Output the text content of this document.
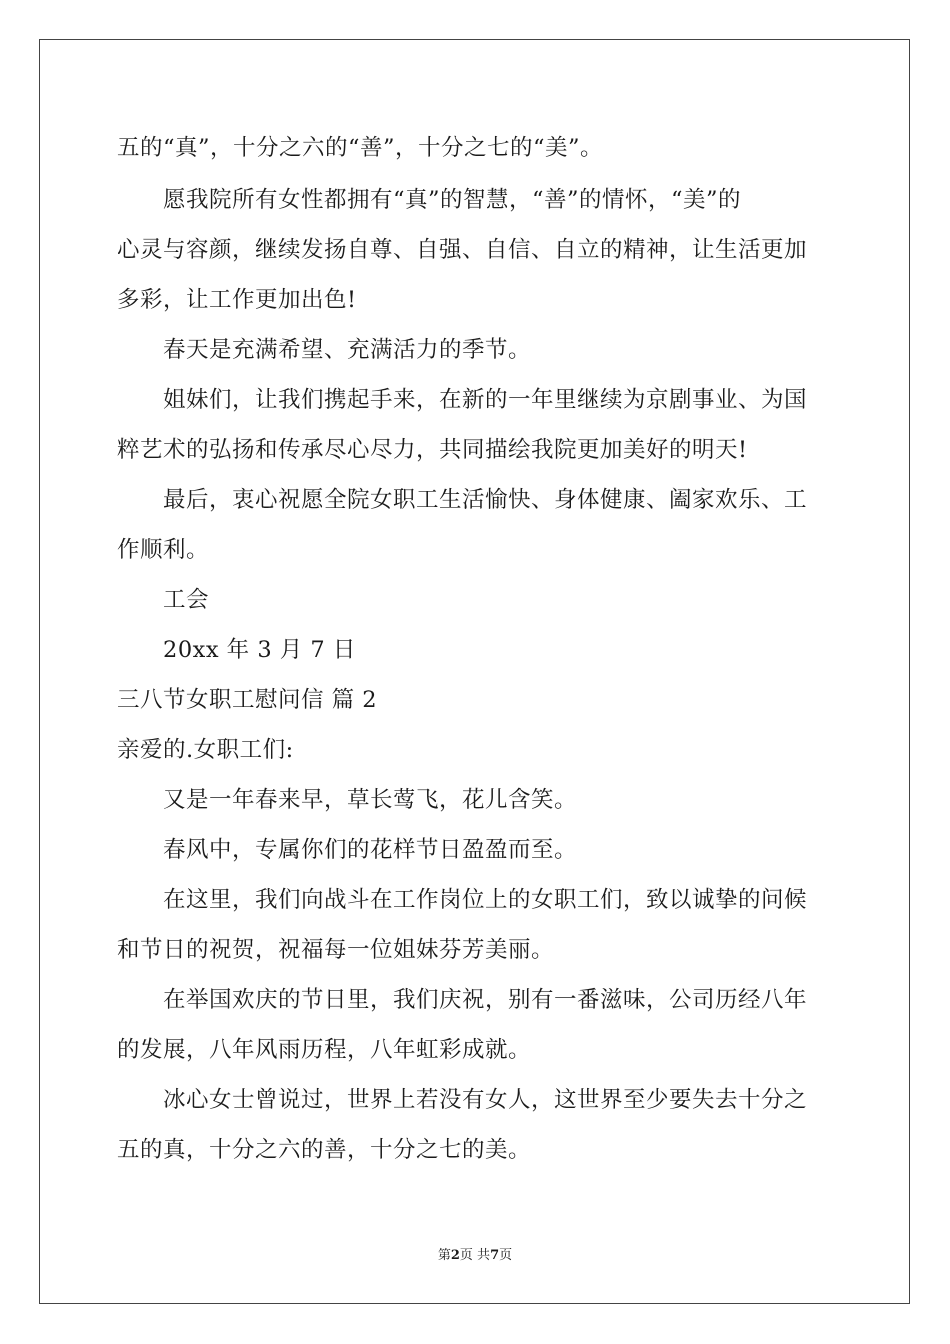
五的“真”，十分之六的“善”，十分之七的“美”。
愿我院所有女性都拥有“真”的智慧，“善”的情怀，“美”的
心灵与容颜，继续发扬自尊、自强、自信、自立的精神，让生活更加
多彩，让工作更加出色!
春天是充满希望、充满活力的季节。
姐妹们，让我们携起手来，在新的一年里继续为京剧事业、为国
粹艺术的弘扬和传承尽心尽力，共同描绘我院更加美好的明天!
最后，衷心祝愿全院女职工生活愉快、身体健康、阖家欢乐、工
作顺利。
工会
20xx 年 3 月 7 日
三八节女职工慰问信 篇 2
亲爱的.女职工们:
又是一年春来早，草长莺飞，花儿含笑。
春风中，专属你们的花样节日盈盈而至。
在这里，我们向战斗在工作岗位上的女职工们，致以诚挚的问候
和节日的祝贺，祝福每一位姐妹芬芳美丽。
在举国欢庆的节日里，我们庆祝，别有一番滋味，公司历经八年
的发展，八年风雨历程，八年虹彩成就。
冰心女士曾说过，世界上若没有女人，这世界至少要失去十分之
五的真，十分之六的善，十分之七的美。
第2页 共7页
